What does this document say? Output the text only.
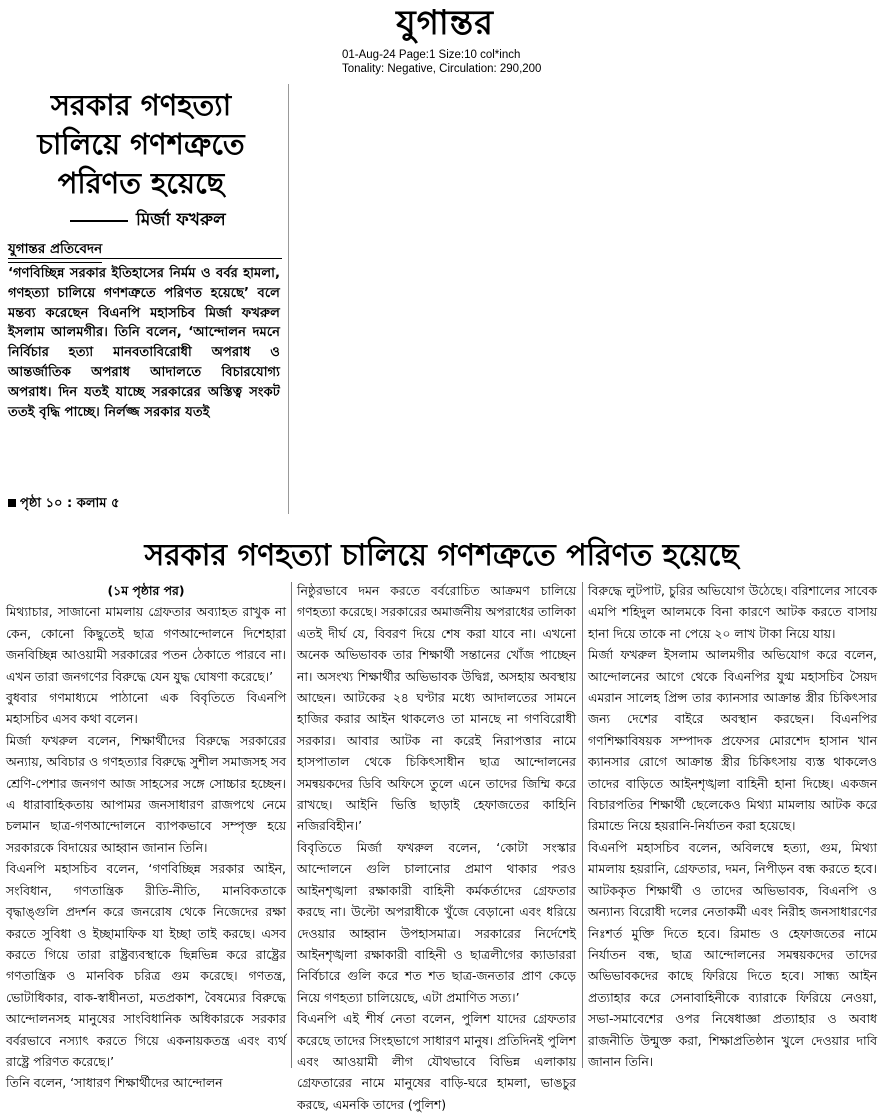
যুগান্তর
01-Aug-24 Page:1 Size:10 col*inch
Tonality: Negative, Circulation: 290,200
সরকার গণহত্যা
চালিয়ে গণশত্রুতে
পরিণত হয়েছে
মির্জা ফখরুল
যুগান্তর প্রতিবেদন
‘গণবিচ্ছিন্ন সরকার ইতিহাসের নির্মম ও বর্বর হামলা, গণহত্যা চালিয়ে গণশত্রুতে পরিণত হয়েছে’ বলে মন্তব্য করেছেন বিএনপি মহাসচিব মির্জা ফখরুল ইসলাম আলমগীর। তিনি বলেন, ‘আন্দোলন দমনে নির্বিচার হত্যা মানবতাবিরোধী অপরাধ ও আন্তর্জাতিক অপরাধ আদালতে বিচারযোগ্য অপরাধ। দিন যতই যাচ্ছে সরকারের অস্তিত্ব সংকট ততই বৃদ্ধি পাচ্ছে। নির্লজ্জ সরকার যতই
পৃষ্ঠা ১০ : কলাম ৫
সরকার গণহত্যা চালিয়ে গণশত্রুতে পরিণত হয়েছে

(১ম পৃষ্ঠার পর)

মিথ্যাচার, সাজানো মামলায় গ্রেফতার অব্যাহত রাখুক না কেন, কোনো কিছুতেই ছাত্র গণআন্দোলনে দিশেহারা জনবিচ্ছিন্ন আওয়ামী সরকারের পতন ঠেকাতে পারবে না। এখন তারা জনগণের বিরুদ্ধে যেন যুদ্ধ ঘোষণা করেছে।’

বুধবার গণমাধ্যমে পাঠানো এক বিবৃতিতে বিএনপি মহাসচিব এসব কথা বলেন।

মির্জা ফখরুল বলেন, শিক্ষার্থীদের বিরুদ্ধে সরকারের অন্যায়, অবিচার ও গণহত্যার বিরুদ্ধে সুশীল সমাজসহ সব শ্রেণি-পেশার জনগণ আজ সাহসের সঙ্গে সোচ্চার হচ্ছেন। এ ধারাবাহিকতায় আপামর জনসাধারণ রাজপথে নেমে চলমান ছাত্র-গণআন্দোলনে ব্যাপকভাবে সম্পৃক্ত হয়ে সরকারকে বিদায়ের আহ্বান জানান তিনি।

বিএনপি মহাসচিব বলেন, ‘গণবিচ্ছিন্ন সরকার আইন, সংবিধান, গণতান্ত্রিক রীতি-নীতি, মানবিকতাকে বৃদ্ধাঙ্গুলি প্রদর্শন করে জনরোষ থেকে নিজেদের রক্ষা করতে সুবিধা ও ইচ্ছামাফিক যা ইচ্ছা তাই করছে। এসব করতে গিয়ে তারা রাষ্ট্রব্যবস্থাকে ছিন্নভিন্ন করে রাষ্ট্রের গণতান্ত্রিক ও মানবিক চরিত্র গুম করেছে। গণতন্ত্র, ভোটাধিকার, বাক-স্বাধীনতা, মতপ্রকাশ, বৈষম্যের বিরুদ্ধে আন্দোলনসহ মানুষের সাংবিধানিক অধিকারকে সরকার বর্বরভাবে নস্যাৎ করতে গিয়ে একনায়কতন্ত্র এবং ব্যর্থ রাষ্ট্রে পরিণত করেছে।’

তিনি বলেন, ‘সাধারণ শিক্ষার্থীদের আন্দোলন

নিষ্ঠুরভাবে দমন করতে বর্বরোচিত আক্রমণ চালিয়ে গণহত্যা করেছে। সরকারের অমার্জনীয় অপরাধের তালিকা এতই দীর্ঘ যে, বিবরণ দিয়ে শেষ করা যাবে না। এখনো অনেক অভিভাবক তার শিক্ষার্থী সন্তানের খোঁজ পাচ্ছেন না। অসংখ্য শিক্ষার্থীর অভিভাবক উদ্বিগ্ন, অসহায় অবস্থায় আছেন। আটকের ২৪ ঘণ্টার মধ্যে আদালতের সামনে হাজির করার আইন থাকলেও তা মানছে না গণবিরোধী সরকার। আবার আটক না করেই নিরাপত্তার নামে হাসপাতাল থেকে চিকিৎসাধীন ছাত্র আন্দোলনের সমন্বয়কদের ডিবি অফিসে তুলে এনে তাদের জিম্মি করে রাখছে। আইনি ভিত্তি ছাড়াই হেফাজতের কাহিনি নজিরবিহীন।’

বিবৃতিতে মির্জা ফখরুল বলেন, ‘কোটা সংস্কার আন্দোলনে গুলি চালানোর প্রমাণ থাকার পরও আইনশৃঙ্খলা রক্ষাকারী বাহিনী কর্মকর্তাদের গ্রেফতার করছে না। উল্টো অপরাধীকে খুঁজে বেড়ানো এবং ধরিয়ে দেওয়ার আহ্বান উপহাসমাত্র। সরকারের নির্দেশেই আইনশৃঙ্খলা রক্ষাকারী বাহিনী ও ছাত্রলীগের ক্যাডাররা নির্বিচারে গুলি করে শত শত ছাত্র-জনতার প্রাণ কেড়ে নিয়ে গণহত্যা চালিয়েছে, এটা প্রমাণিত সত্য।’

বিএনপি এই শীর্ষ নেতা বলেন, পুলিশ যাদের গ্রেফতার করেছে তাদের সিংহভাগে সাধারণ মানুষ। প্রতিদিনই পুলিশ এবং আওয়ামী লীগ যৌথভাবে বিভিন্ন এলাকায় গ্রেফতারের নামে মানুষের বাড়ি-ঘরে হামলা, ভাঙচুর করছে, এমনকি তাদের (পুলিশ)

বিরুদ্ধে লুটপাট, চুরির অভিযোগ উঠেছে। বরিশালের সাবেক এমপি শহিদুল আলমকে বিনা কারণে আটক করতে বাসায় হানা দিয়ে তাকে না পেয়ে ২০ লাখ টাকা নিয়ে যায়।

মির্জা ফখরুল ইসলাম আলমগীর অভিযোগ করে বলেন, আন্দোলনের আগে থেকে বিএনপির যুগ্ম মহাসচিব সৈয়দ এমরান সালেহ প্রিন্স তার ক্যানসার আক্রান্ত স্ত্রীর চিকিৎসার জন্য দেশের বাইরে অবস্থান করছেন। বিএনপির গণশিক্ষাবিষয়ক সম্পাদক প্রফেসর মোরশেদ হাসান খান ক্যানসার রোগে আক্রান্ত স্ত্রীর চিকিৎসায় ব্যস্ত থাকলেও তাদের বাড়িতে আইনশৃঙ্খলা বাহিনী হানা দিচ্ছে। একজন বিচারপতির শিক্ষার্থী ছেলেকেও মিথ্যা মামলায় আটক করে রিমান্ডে নিয়ে হয়রানি-নির্যাতন করা হয়েছে।

বিএনপি মহাসচিব বলেন, অবিলম্বে হত্যা, গুম, মিথ্যা মামলায় হয়রানি, গ্রেফতার, দমন, নিপীড়ন বন্ধ করতে হবে। আটককৃত শিক্ষার্থী ও তাদের অভিভাবক, বিএনপি ও অন্যান্য বিরোধী দলের নেতাকর্মী এবং নিরীহ জনসাধারণের নিঃশর্ত মুক্তি দিতে হবে। রিমান্ড ও হেফাজতের নামে নির্যাতন বন্ধ, ছাত্র আন্দোলনের সমন্বয়কদের তাদের অভিভাবকদের কাছে ফিরিয়ে দিতে হবে। সান্ধ্য আইন প্রত্যাহার করে সেনাবাহিনীকে ব্যারাকে ফিরিয়ে নেওয়া, সভা-সমাবেশের ওপর নিষেধাজ্ঞা প্রত্যাহার ও অবাধ রাজনীতি উন্মুক্ত করা, শিক্ষাপ্রতিষ্ঠান খুলে দেওয়ার দাবি জানান তিনি।
